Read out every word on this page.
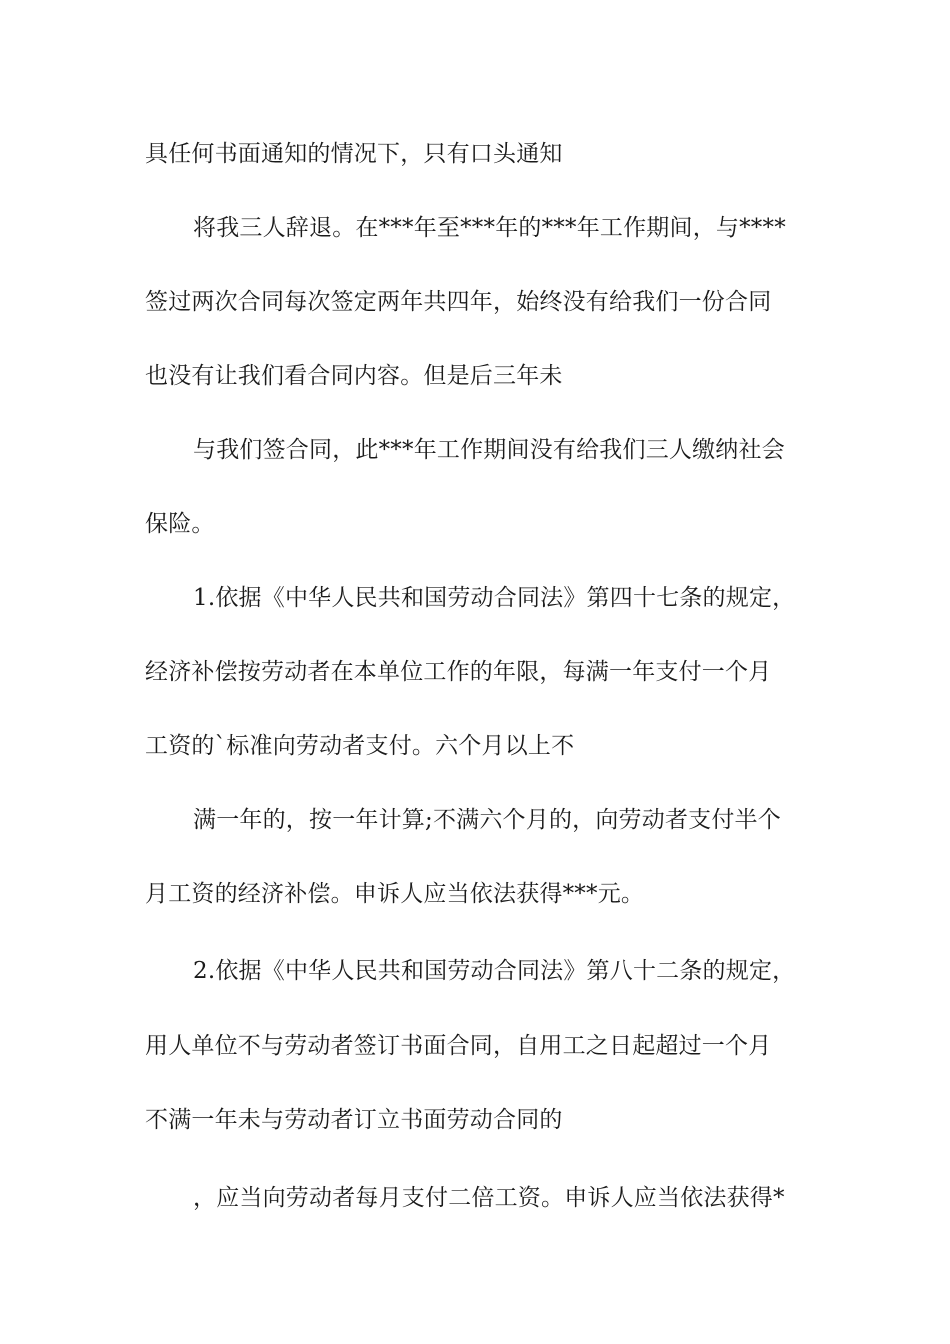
具任何书面通知的情况下，只有口头通知
将我三人辞退。在***年至***年的***年工作期间，与****
签过两次合同每次签定两年共四年，始终没有给我们一份合同
也没有让我们看合同内容。但是后三年未
与我们签合同，此***年工作期间没有给我们三人缴纳社会
保险。
1.依据《中华人民共和国劳动合同法》第四十七条的规定，
经济补偿按劳动者在本单位工作的年限，每满一年支付一个月
工资的`标准向劳动者支付。六个月以上不
满一年的，按一年计算;不满六个月的，向劳动者支付半个
月工资的经济补偿。申诉人应当依法获得***元。
2.依据《中华人民共和国劳动合同法》第八十二条的规定，
用人单位不与劳动者签订书面合同，自用工之日起超过一个月
不满一年未与劳动者订立书面劳动合同的
，应当向劳动者每月支付二倍工资。申诉人应当依法获得*
